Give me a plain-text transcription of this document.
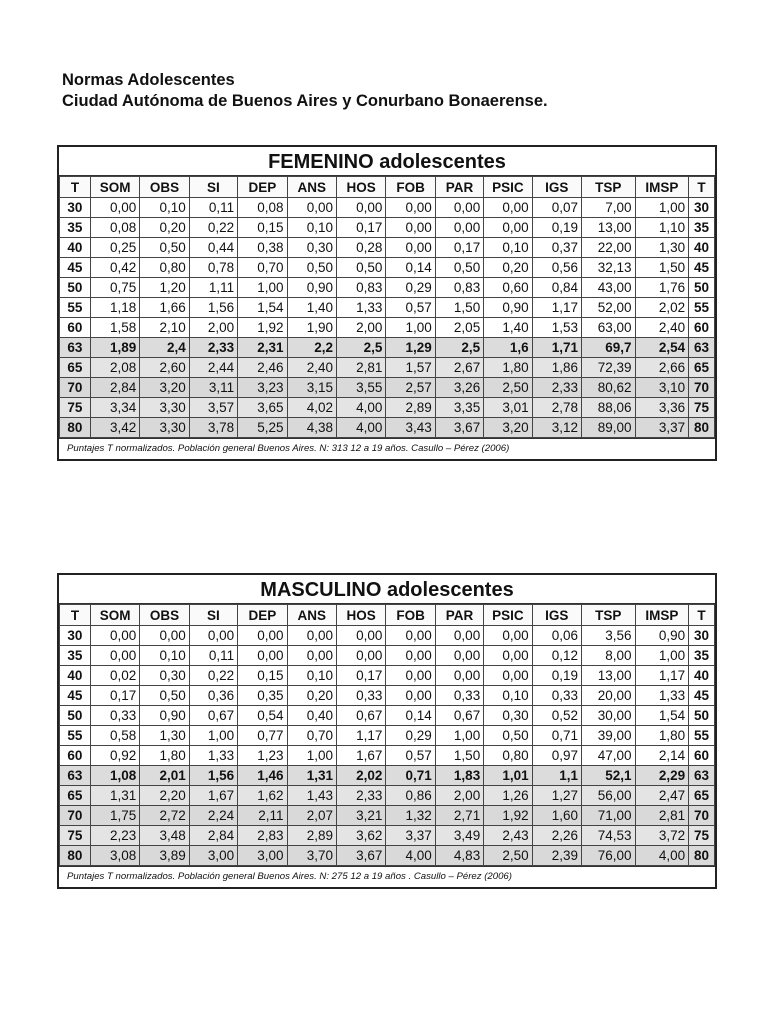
Normas Adolescentes
Ciudad Autónoma de Buenos Aires y Conurbano Bonaerense.
FEMENINO adolescentes
T	SOM	OBS	SI	DEP	ANS	HOS	FOB	PAR	PSIC	IGS	TSP	IMSP	T
30	0,00	0,10	0,11	0,08	0,00	0,00	0,00	0,00	0,00	0,07	7,00	1,00	30
35	0,08	0,20	0,22	0,15	0,10	0,17	0,00	0,00	0,00	0,19	13,00	1,10	35
40	0,25	0,50	0,44	0,38	0,30	0,28	0,00	0,17	0,10	0,37	22,00	1,30	40
45	0,42	0,80	0,78	0,70	0,50	0,50	0,14	0,50	0,20	0,56	32,13	1,50	45
50	0,75	1,20	1,11	1,00	0,90	0,83	0,29	0,83	0,60	0,84	43,00	1,76	50
55	1,18	1,66	1,56	1,54	1,40	1,33	0,57	1,50	0,90	1,17	52,00	2,02	55
60	1,58	2,10	2,00	1,92	1,90	2,00	1,00	2,05	1,40	1,53	63,00	2,40	60
63	1,89	2,4	2,33	2,31	2,2	2,5	1,29	2,5	1,6	1,71	69,7	2,54	63
65	2,08	2,60	2,44	2,46	2,40	2,81	1,57	2,67	1,80	1,86	72,39	2,66	65
70	2,84	3,20	3,11	3,23	3,15	3,55	2,57	3,26	2,50	2,33	80,62	3,10	70
75	3,34	3,30	3,57	3,65	4,02	4,00	2,89	3,35	3,01	2,78	88,06	3,36	75
80	3,42	3,30	3,78	5,25	4,38	4,00	3,43	3,67	3,20	3,12	89,00	3,37	80
Puntajes T normalizados. Población general Buenos Aires. N: 313 12 a 19 años. Casullo – Pérez (2006)
MASCULINO adolescentes
T	SOM	OBS	SI	DEP	ANS	HOS	FOB	PAR	PSIC	IGS	TSP	IMSP	T
30	0,00	0,00	0,00	0,00	0,00	0,00	0,00	0,00	0,00	0,06	3,56	0,90	30
35	0,00	0,10	0,11	0,00	0,00	0,00	0,00	0,00	0,00	0,12	8,00	1,00	35
40	0,02	0,30	0,22	0,15	0,10	0,17	0,00	0,00	0,00	0,19	13,00	1,17	40
45	0,17	0,50	0,36	0,35	0,20	0,33	0,00	0,33	0,10	0,33	20,00	1,33	45
50	0,33	0,90	0,67	0,54	0,40	0,67	0,14	0,67	0,30	0,52	30,00	1,54	50
55	0,58	1,30	1,00	0,77	0,70	1,17	0,29	1,00	0,50	0,71	39,00	1,80	55
60	0,92	1,80	1,33	1,23	1,00	1,67	0,57	1,50	0,80	0,97	47,00	2,14	60
63	1,08	2,01	1,56	1,46	1,31	2,02	0,71	1,83	1,01	1,1	52,1	2,29	63
65	1,31	2,20	1,67	1,62	1,43	2,33	0,86	2,00	1,26	1,27	56,00	2,47	65
70	1,75	2,72	2,24	2,11	2,07	3,21	1,32	2,71	1,92	1,60	71,00	2,81	70
75	2,23	3,48	2,84	2,83	2,89	3,62	3,37	3,49	2,43	2,26	74,53	3,72	75
80	3,08	3,89	3,00	3,00	3,70	3,67	4,00	4,83	2,50	2,39	76,00	4,00	80
Puntajes T normalizados. Población general Buenos Aires. N: 275 12 a 19 años . Casullo – Pérez (2006)
